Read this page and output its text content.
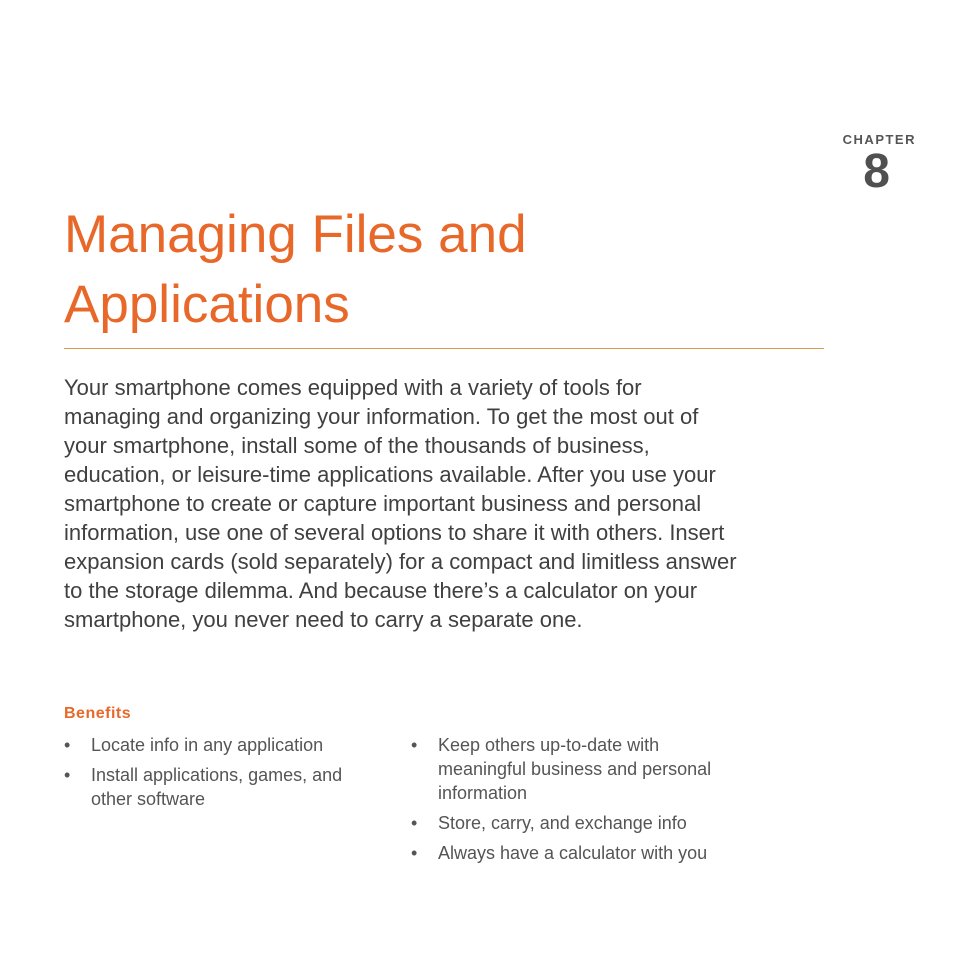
CHAPTER
8
Managing Files and
Applications

Your smartphone comes equipped with a variety of tools for managing and organizing your information. To get the most out of your smartphone, install some of the thousands of business, education, or leisure-time applications available. After you use your smartphone to create or capture important business and personal information, use one of several options to share it with others. Insert expansion cards (sold separately) for a compact and limitless answer to the storage dilemma. And because there’s a calculator on your smartphone, you never need to carry a separate one.

Benefits
• Locate info in any application
• Install applications, games, and other software
• Keep others up-to-date with meaningful business and personal information
• Store, carry, and exchange info
• Always have a calculator with you
